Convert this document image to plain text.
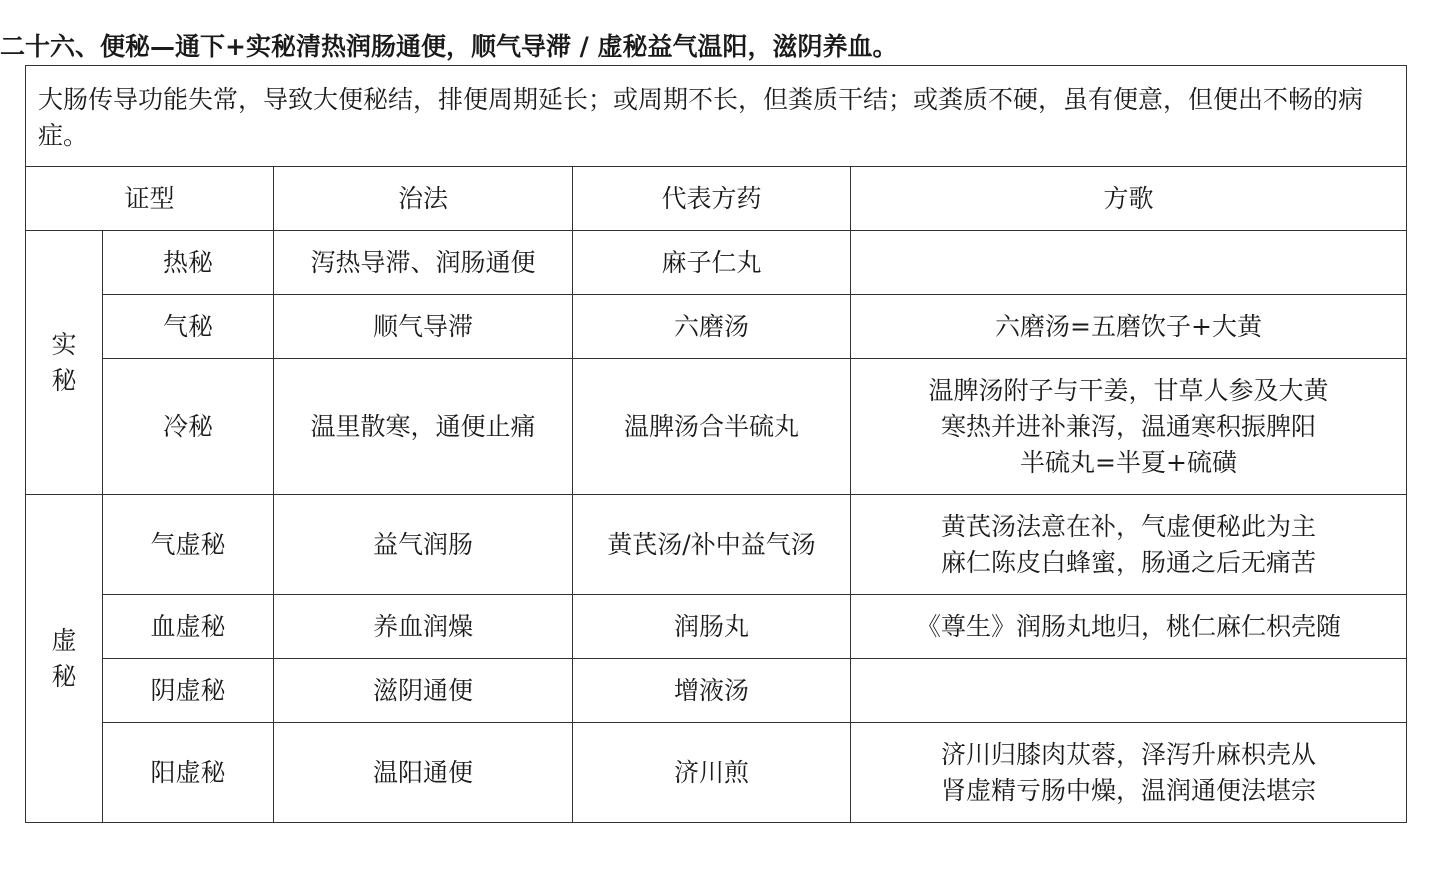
二十六、便秘—通下+实秘清热润肠通便，顺气导滞 / 虚秘益气温阳，滋阴养血。
大肠传导功能失常，导致大便秘结，排便周期延长；或周期不长，但粪质干结；或粪质不硬，虽有便意，但便出不畅的病症。				
证型		治法	代表方药	方歌

实
秘	热秘	泻热导滞、润肠通便	麻子仁丸	
	气秘	顺气导滞	六磨汤	六磨汤=五磨饮子+大黄

	冷秘	温里散寒，通便止痛	温脾汤合半硫丸	温脾汤附子与干姜，甘草人参及大黄
寒热并进补兼泻，温通寒积振脾阳
半硫丸=半夏+硫磺

虚
秘	气虚秘	益气润肠	黄芪汤/补中益气汤	黄芪汤法意在补，气虚便秘此为主
麻仁陈皮白蜂蜜，肠通之后无痛苦

	血虚秘	养血润燥	润肠丸	《尊生》润肠丸地归，桃仁麻仁枳壳随

	阴虚秘	滋阴通便	增液汤	
	阳虚秘	温阳通便	济川煎	济川归膝肉苁蓉，泽泻升麻枳壳从
肾虚精亏肠中燥，温润通便法堪宗
